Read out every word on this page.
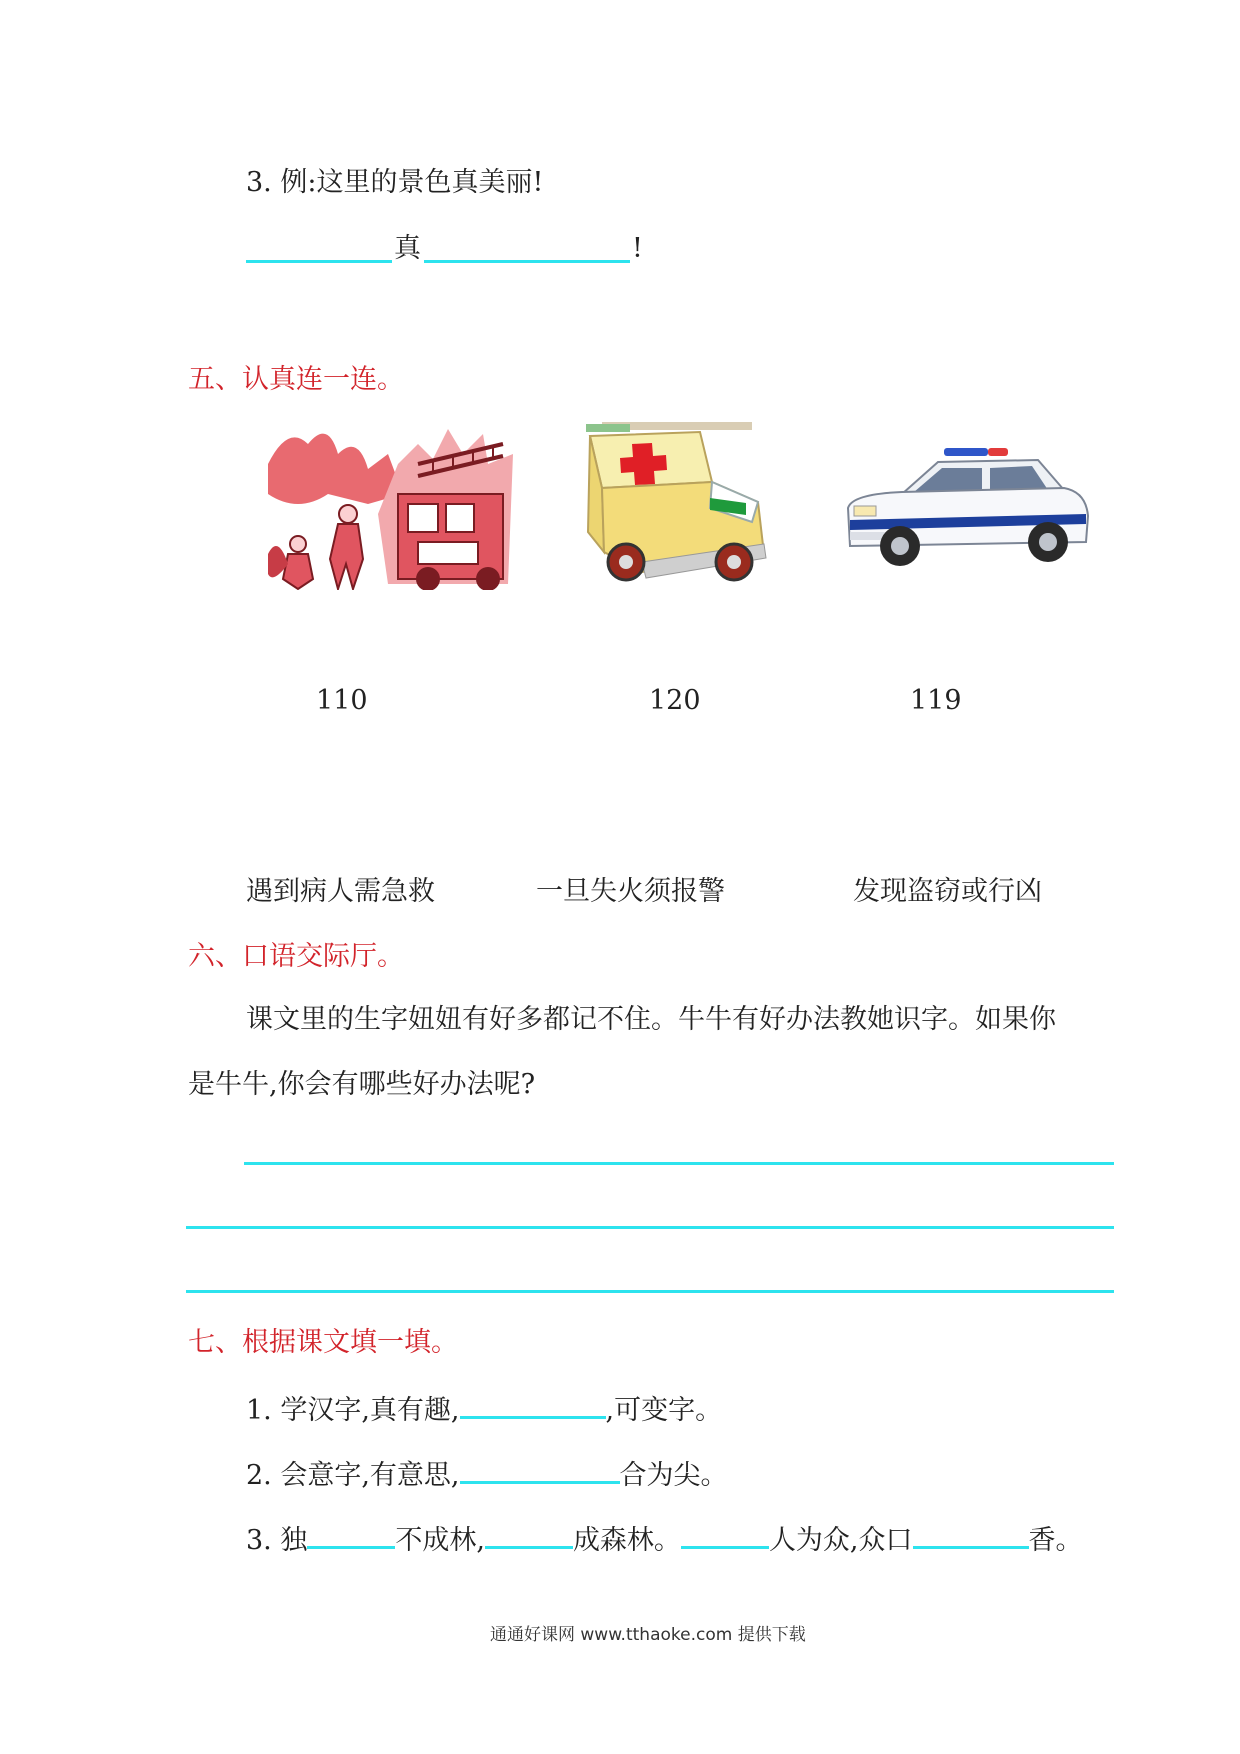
3. 例:这里的景色真美丽!
真	!
五、认真连一连。
110	120	119
遇到病人需急救	一旦失火须报警	发现盗窃或行凶
六、口语交际厅。
课文里的生字妞妞有好多都记不住。牛牛有好办法教她识字。如果你
是牛牛,你会有哪些好办法呢?
七、根据课文填一填。
1. 学汉字,真有趣,	,可变字。
2. 会意字,有意思,	合为尖。
3. 独	不成林,	成森林。	人为众,众口	香。
通通好课网 www.tthaoke.com 提供下载
